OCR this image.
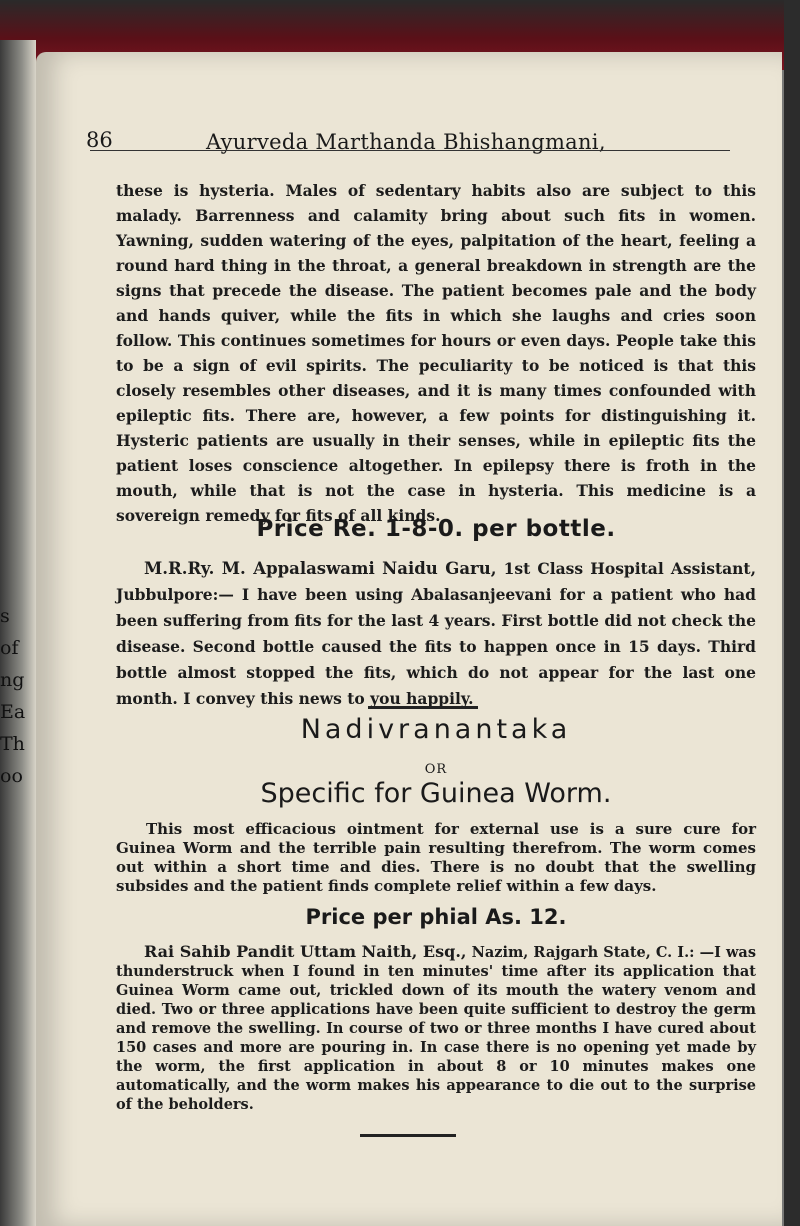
s
of
ng
Ea
Th
oo
86	Ayurveda Marthanda Bhishangmani,
these is hysteria. Males of sedentary habits also are subject to this malady. Barrenness and calamity bring about such fits in women. Yawning, sudden watering of the eyes, palpitation of the heart, feeling a round hard thing in the throat, a general breakdown in strength are the signs that precede the disease. The patient becomes pale and the body and hands quiver, while the fits in which she laughs and cries soon follow. This continues sometimes for hours or even days. People take this to be a sign of evil spirits. The peculiarity to be noticed is that this closely resembles other diseases, and it is many times confounded with epileptic fits. There are, however, a few points for distinguishing it. Hysteric patients are usually in their senses, while in epileptic fits the patient loses conscience altogether. In epilepsy there is froth in the mouth, while that is not the case in hysteria. This medicine is a sovereign remedy for fits of all kinds.
Price Re. 1-8-0. per bottle.
M.R.Ry. M. Appalaswami Naidu Garu, 1st Class Hospital Assistant, Jubbulpore:— I have been using Abalasanjeevani for a patient who had been suffering from fits for the last 4 years. First bottle did not check the disease. Second bottle caused the fits to happen once in 15 days. Third bottle almost stopped the fits, which do not appear for the last one month. I convey this news to you happily.
Nadivranantaka
OR
Specific for Guinea Worm.
This most efficacious ointment for external use is a sure cure for Guinea Worm and the terrible pain resulting therefrom. The worm comes out within a short time and dies. There is no doubt that the swelling subsides and the patient finds complete relief within a few days.
Price per phial As. 12.
Rai Sahib Pandit Uttam Naith, Esq., Nazim, Rajgarh State, C. I.: —I was thunderstruck when I found in ten minutes' time after its application that Guinea Worm came out, trickled down of its mouth the watery venom and died. Two or three applications have been quite sufficient to destroy the germ and remove the swelling. In course of two or three months I have cured about 150 cases and more are pouring in. In case there is no opening yet made by the worm, the first application in about 8 or 10 minutes makes one automatically, and the worm makes his appearance to die out to the surprise of the beholders.
